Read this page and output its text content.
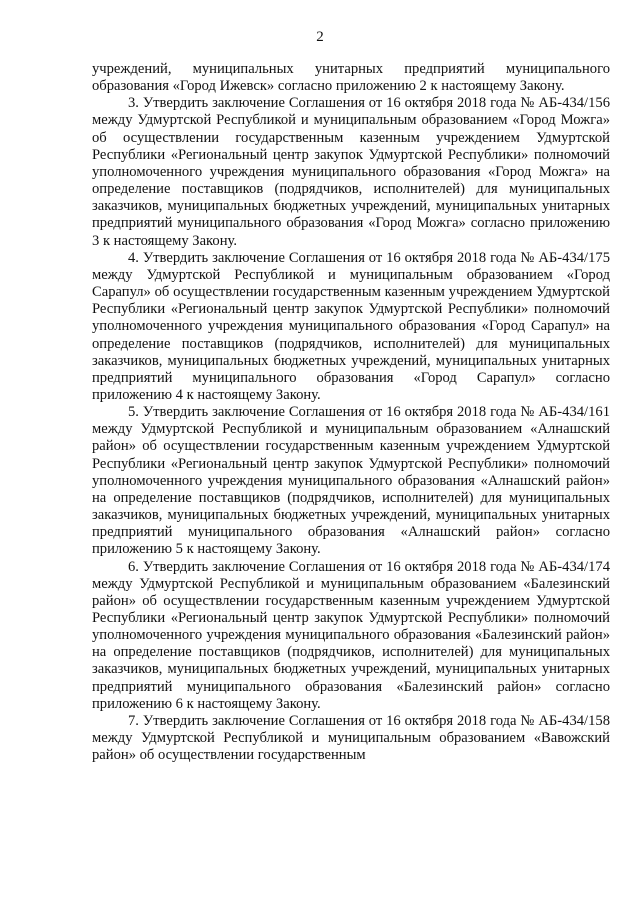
2

учреждений, муниципальных унитарных предприятий муниципального образования «Город Ижевск» согласно приложению 2 к настоящему Закону.

3. Утвердить заключение Соглашения от 16 октября 2018 года № АБ-434/156 между Удмуртской Республикой и муниципальным образованием «Город Можга» об осуществлении государственным казенным учреждением Удмуртской Республики «Региональный центр закупок Удмуртской Республики» полномочий уполномоченного учреждения муниципального образования «Город Можга» на определение поставщиков (подрядчиков, исполнителей) для муниципальных заказчиков, муниципальных бюджетных учреждений, муниципальных унитарных предприятий муниципального образования «Город Можга» согласно приложению 3 к настоящему Закону.

4. Утвердить заключение Соглашения от 16 октября 2018 года № АБ-434/175 между Удмуртской Республикой и муниципальным образованием «Город Сарапул» об осуществлении государственным казенным учреждением Удмуртской Республики «Региональный центр закупок Удмуртской Республики» полномочий уполномоченного учреждения муниципального образования «Город Сарапул» на определение поставщиков (подрядчиков, исполнителей) для муниципальных заказчиков, муниципальных бюджетных учреждений, муниципальных унитарных предприятий муниципального образования «Город Сарапул» согласно приложению 4 к настоящему Закону.

5. Утвердить заключение Соглашения от 16 октября 2018 года № АБ-434/161 между Удмуртской Республикой и муниципальным образованием «Алнашский район» об осуществлении государственным казенным учреждением Удмуртской Республики «Региональный центр закупок Удмуртской Республики» полномочий уполномоченного учреждения муниципального образования «Алнашский район» на определение поставщиков (подрядчиков, исполнителей) для муниципальных заказчиков, муниципальных бюджетных учреждений, муниципальных унитарных предприятий муниципального образования «Алнашский район» согласно приложению 5 к настоящему Закону.

6. Утвердить заключение Соглашения от 16 октября 2018 года № АБ-434/174 между Удмуртской Республикой и муниципальным образованием «Балезинский район» об осуществлении государственным казенным учреждением Удмуртской Республики «Региональный центр закупок Удмуртской Республики» полномочий уполномоченного учреждения муниципального образования «Балезинский район» на определение поставщиков (подрядчиков, исполнителей) для муниципальных заказчиков, муниципальных бюджетных учреждений, муниципальных унитарных предприятий муниципального образования «Балезинский район» согласно приложению 6 к настоящему Закону.

7. Утвердить заключение Соглашения от 16 октября 2018 года № АБ-434/158 между Удмуртской Республикой и муниципальным образованием «Вавожский район» об осуществлении государственным
